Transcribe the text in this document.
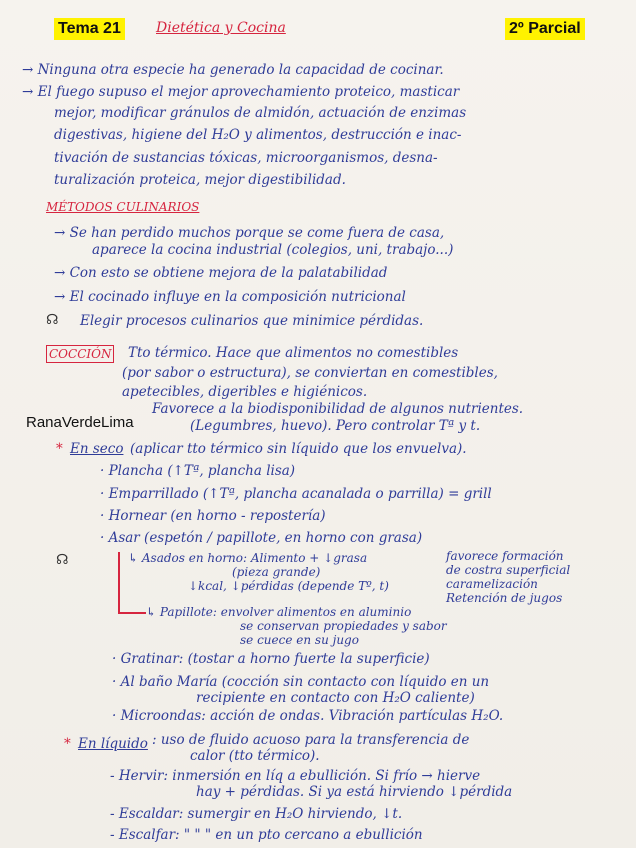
Tema 21	Dietética y Cocina	2º Parcial
→ Ninguna otra especie ha generado la capacidad de cocinar.
→ El fuego supuso el mejor aprovechamiento proteico, masticar
mejor, modificar gránulos de almidón, actuación de enzimas
digestivas, higiene del H₂O y alimentos, destrucción e inac-
tivación de sustancias tóxicas, microorganismos, desna-
turalización proteica, mejor digestibilidad.
MÉTODOS CULINARIOS
→ Se han perdido muchos porque se come fuera de casa,
aparece la cocina industrial (colegios, uni, trabajo...)
→ Con esto se obtiene mejora de la palatabilidad
→ El cocinado influye en la composición nutricional
☊ Elegir procesos culinarios que minimice pérdidas.
COCCIÓN Tto térmico. Hace que alimentos no comestibles
(por sabor o estructura), se conviertan en comestibles,
apetecibles, digeribles e higiénicos.
Favorece a la biodisponibilidad de algunos nutrientes.
(Legumbres, huevo). Pero controlar Tª y t.
RanaVerdeLima
* En seco (aplicar tto térmico sin líquido que los envuelva).
· Plancha (↑Tª, plancha lisa)
· Emparrillado (↑Tª, plancha acanalada o parrilla) = grill
· Hornear (en horno - repostería)
· Asar (espetón / papillote, en horno con grasa)
☊	↳ Asados en horno: Alimento + ↓grasa
(pieza grande)
↓kcal, ↓pérdidas (depende Tº, t)
favorece formación
de costra superficial
caramelización
Retención de jugos
↳ Papillote: envolver alimentos en aluminio
se conservan propiedades y sabor
se cuece en su jugo
· Gratinar: (tostar a horno fuerte la superficie)
· Al baño María (cocción sin contacto con líquido en un
recipiente en contacto con H₂O caliente)
· Microondas: acción de ondas. Vibración partículas H₂O.
* En líquido : uso de fluido acuoso para la transferencia de
calor (tto térmico).
- Hervir: inmersión en líq a ebullición. Si frío → hierve
hay + pérdidas. Si ya está hirviendo ↓pérdida
- Escaldar: sumergir en H₂O hirviendo, ↓t.
- Escalfar: " " " en un pto cercano a ebullición
